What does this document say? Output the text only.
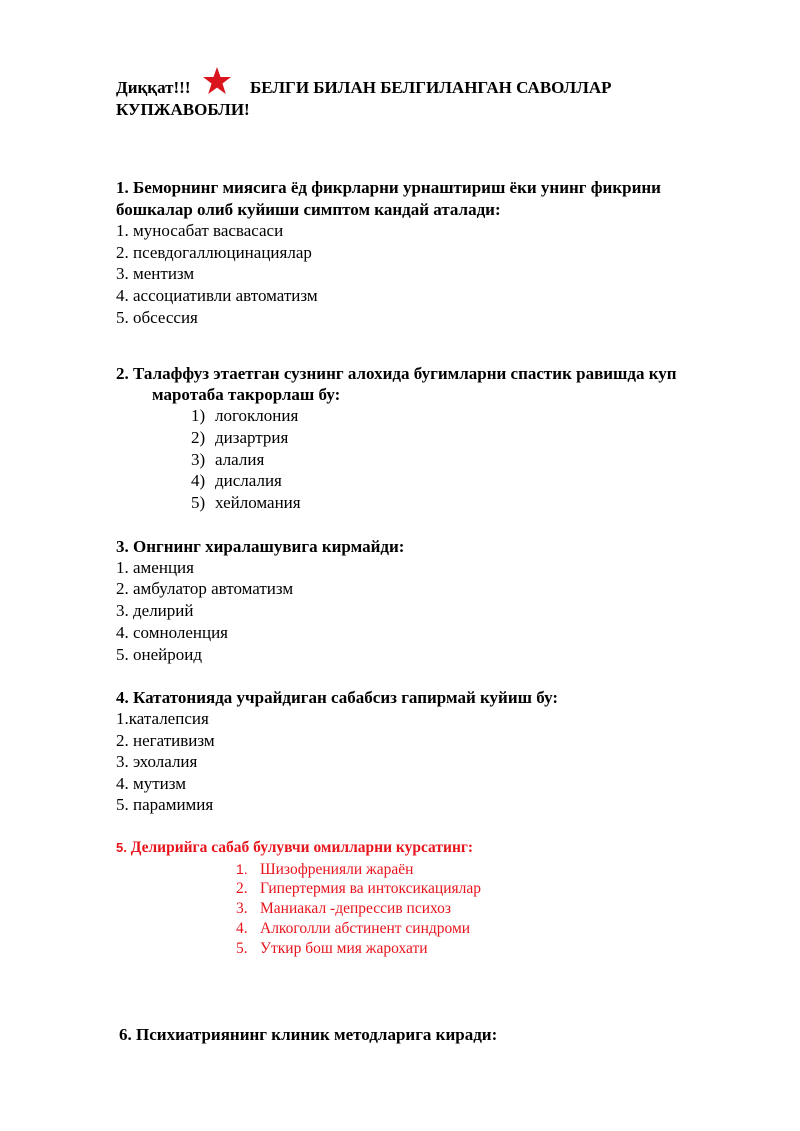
Диққат!!!	БЕЛГИ БИЛАН БЕЛГИЛАНГАН САВОЛЛАР
КУПЖАВОБЛИ!
1. Беморнинг миясига ёд фикрларни урнаштириш ёки унинг фикрини
бошкалар олиб куйиши симптом кандай аталади:
1. муносабат васвасаси
2. псевдогаллюцинациялар
3. ментизм
4. ассоциативли автоматизм
5. обсессия
2. Талаффуз этаетган сузнинг алохида бугимларни спастик равишда куп
маротаба такрорлаш бу:
1) логоклония
2) дизартрия
3) алалия
4) дислалия
5) хейломания
3. Онгнинг хиралашувига кирмайди:
1. аменция
2. амбулатор автоматизм
3. делирий
4. сомноленция
5. онейроид
4. Кататонияда учрайдиган сабабсиз гапирмай куйиш бу:
1.каталепсия
2. негативизм
3. эхолалия
4. мутизм
5. парамимия
5. Делирийга сабаб булувчи омилларни курсатинг:
1. Шизофренияли жараён
2. Гипертермия ва интоксикациялар
3. Маниакал -депрессив психоз
4. Алкоголли абстинент синдроми
5. Уткир бош мия жарохати
6. Психиатриянинг клиник методларига киради:
